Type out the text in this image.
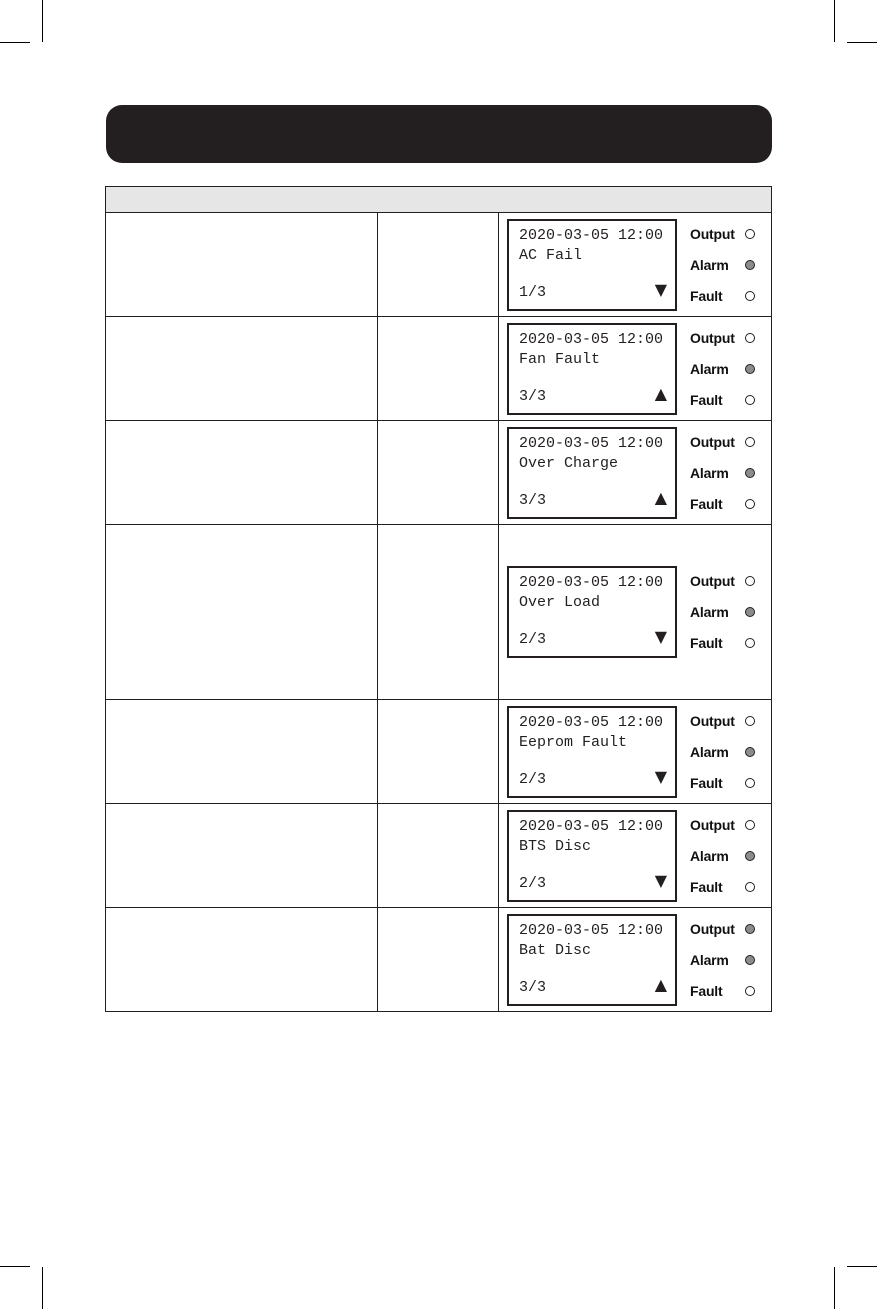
2020-03-05 12:00
AC Fail
1/3	▼
Output
Alarm
Fault
2020-03-05 12:00
Fan Fault
3/3	▲
Output
Alarm
Fault
2020-03-05 12:00
Over Charge
3/3	▲
Output
Alarm
Fault
2020-03-05 12:00
Over Load
2/3	▼
Output
Alarm
Fault
2020-03-05 12:00
Eeprom Fault
2/3	▼
Output
Alarm
Fault
2020-03-05 12:00
BTS Disc
2/3	▼
Output
Alarm
Fault
2020-03-05 12:00
Bat Disc
3/3	▲
Output
Alarm
Fault
